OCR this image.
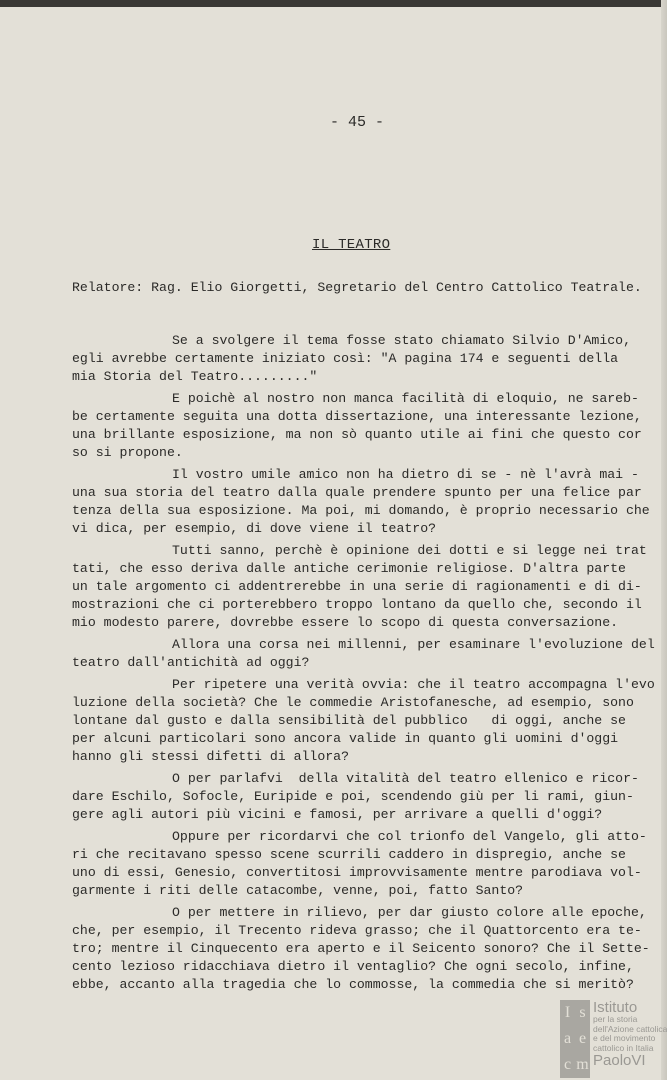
- 45 -
IL TEATRO
Relatore: Rag. Elio Giorgetti, Segretario del Centro Cattolico Teatrale.
Se a svolgere il tema fosse stato chiamato Silvio D'Amico,
egli avrebbe certamente iniziato così: "A pagina 174 e seguenti della
mia Storia del Teatro........."
E poichè al nostro non manca facilità di eloquio, ne sareb-
be certamente seguita una dotta dissertazione, una interessante lezione,
una brillante esposizione, ma non sò quanto utile ai fini che questo cor
so si propone.
Il vostro umile amico non ha dietro di se - nè l'avrà mai -
una sua storia del teatro dalla quale prendere spunto per una felice par
tenza della sua esposizione. Ma poi, mi domando, è proprio necessario che
vi dica, per esempio, di dove viene il teatro?
Tutti sanno, perchè è opinione dei dotti e si legge nei trat
tati, che esso deriva dalle antiche cerimonie religiose. D'altra parte
un tale argomento ci addentrerebbe in una serie di ragionamenti e di di-
mostrazioni che ci porterebbero troppo lontano da quello che, secondo il
mio modesto parere, dovrebbe essere lo scopo di questa conversazione.
Allora una corsa nei millenni, per esaminare l'evoluzione del
teatro dall'antichità ad oggi?
Per ripetere una verità ovvia: che il teatro accompagna l'evo
luzione della società? Che le commedie Aristofanesche, ad esempio, sono
lontane dal gusto e dalla sensibilità del pubblico   di oggi, anche se
per alcuni particolari sono ancora valide in quanto gli uomini d'oggi
hanno gli stessi difetti di allora?
O per parlafvi  della vitalità del teatro ellenico e ricor-
dare Eschilo, Sofocle, Euripide e poi, scendendo giù per li rami, giun-
gere agli autori più vicini e famosi, per arrivare a quelli d'oggi?
Oppure per ricordarvi che col trionfo del Vangelo, gli atto-
ri che recitavano spesso scene scurrili caddero in dispregio, anche se
uno di essi, Genesio, convertitosi improvvisamente mentre parodiava vol-
garmente i riti delle catacombe, venne, poi, fatto Santo?
O per mettere in rilievo, per dar giusto colore alle epoche,
che, per esempio, il Trecento rideva grasso; che il Quattorcento era te-
tro; mentre il Cinquecento era aperto e il Seicento sonoro? Che il Sette-
cento lezioso ridacchiava dietro il ventaglio? Che ogni secolo, infine,
ebbe, accanto alla tragedia che lo commosse, la commedia che si meritò?
I s
a e
c m
Istituto
per la storia
dell'Azione cattolica
e del movimento
cattolico in Italia
PaoloVI
